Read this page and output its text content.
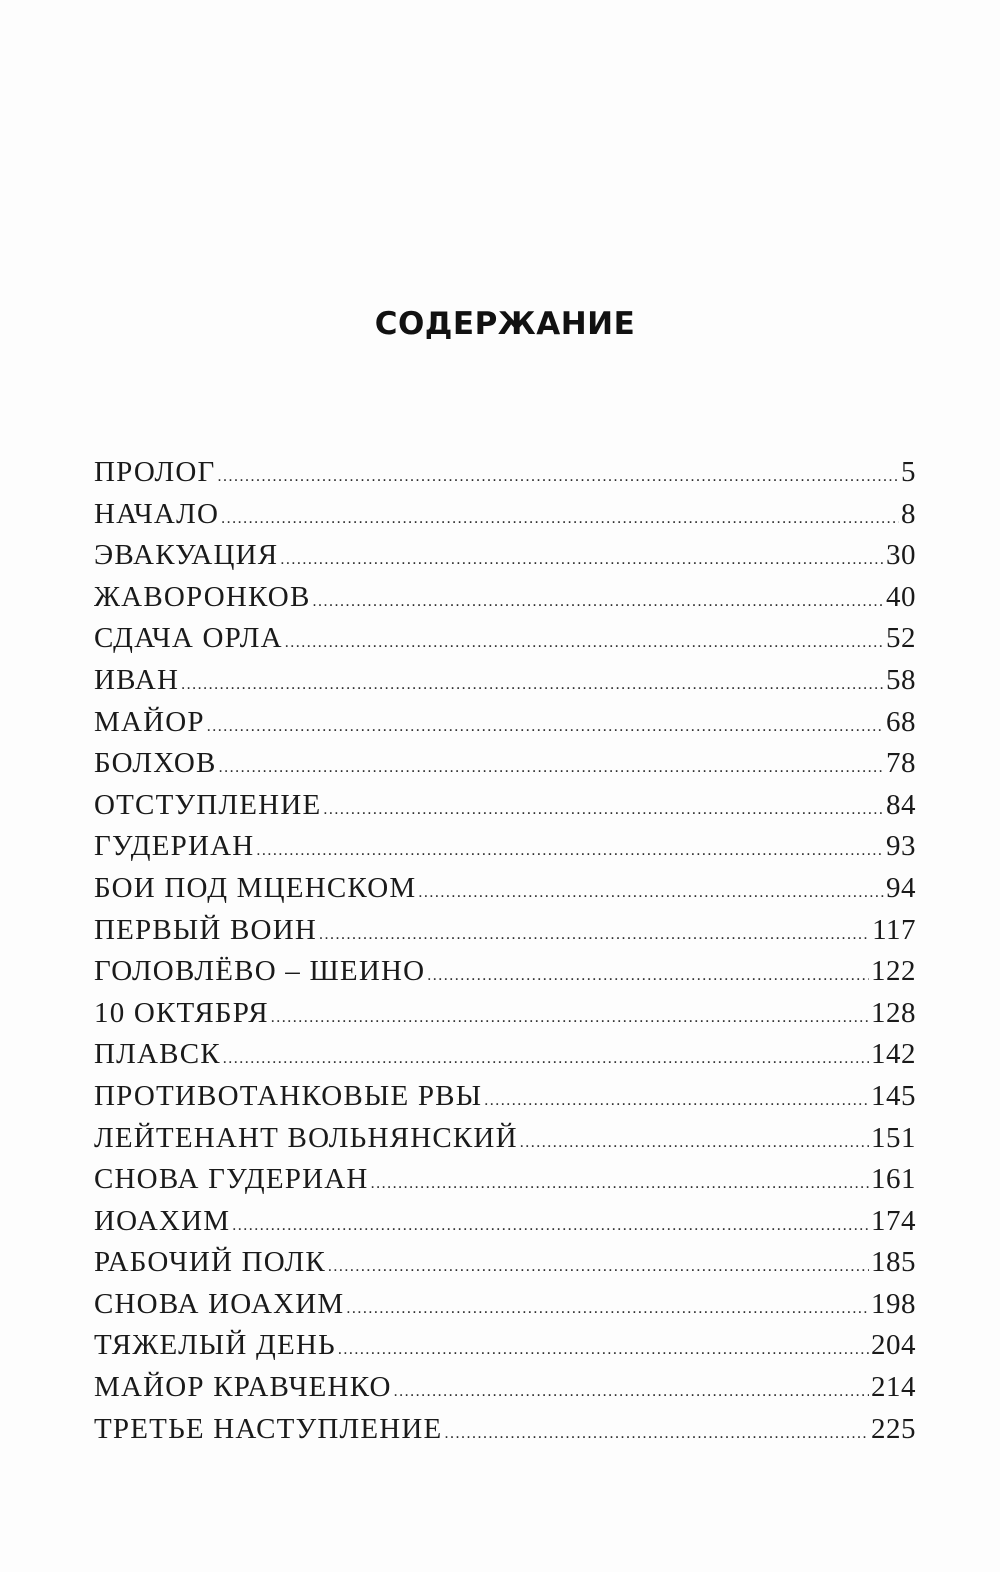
СОДЕРЖАНИЕ
ПРОЛОГ .....	5
НАЧАЛО .....	8
ЭВАКУАЦИЯ .....	30
ЖАВОРОНКОВ .....	40
СДАЧА ОРЛА .....	52
ИВАН .....	58
МАЙОР .....	68
БОЛХОВ .....	78
ОТСТУПЛЕНИЕ .....	84
ГУДЕРИАН .....	93
БОИ ПОД МЦЕНСКОМ .....	94
ПЕРВЫЙ ВОИН .....	117
ГОЛОВЛЁВО – ШЕИНО .....	122
10 ОКТЯБРЯ .....	128
ПЛАВСК .....	142
ПРОТИВОТАНКОВЫЕ РВЫ .....	145
ЛЕЙТЕНАНТ ВОЛЬНЯНСКИЙ .....	151
СНОВА ГУДЕРИАН .....	161
ИОАХИМ .....	174
РАБОЧИЙ ПОЛК .....	185
СНОВА ИОАХИМ .....	198
ТЯЖЕЛЫЙ ДЕНЬ .....	204
МАЙОР КРАВЧЕНКО .....	214
ТРЕТЬЕ НАСТУПЛЕНИЕ .....	225
